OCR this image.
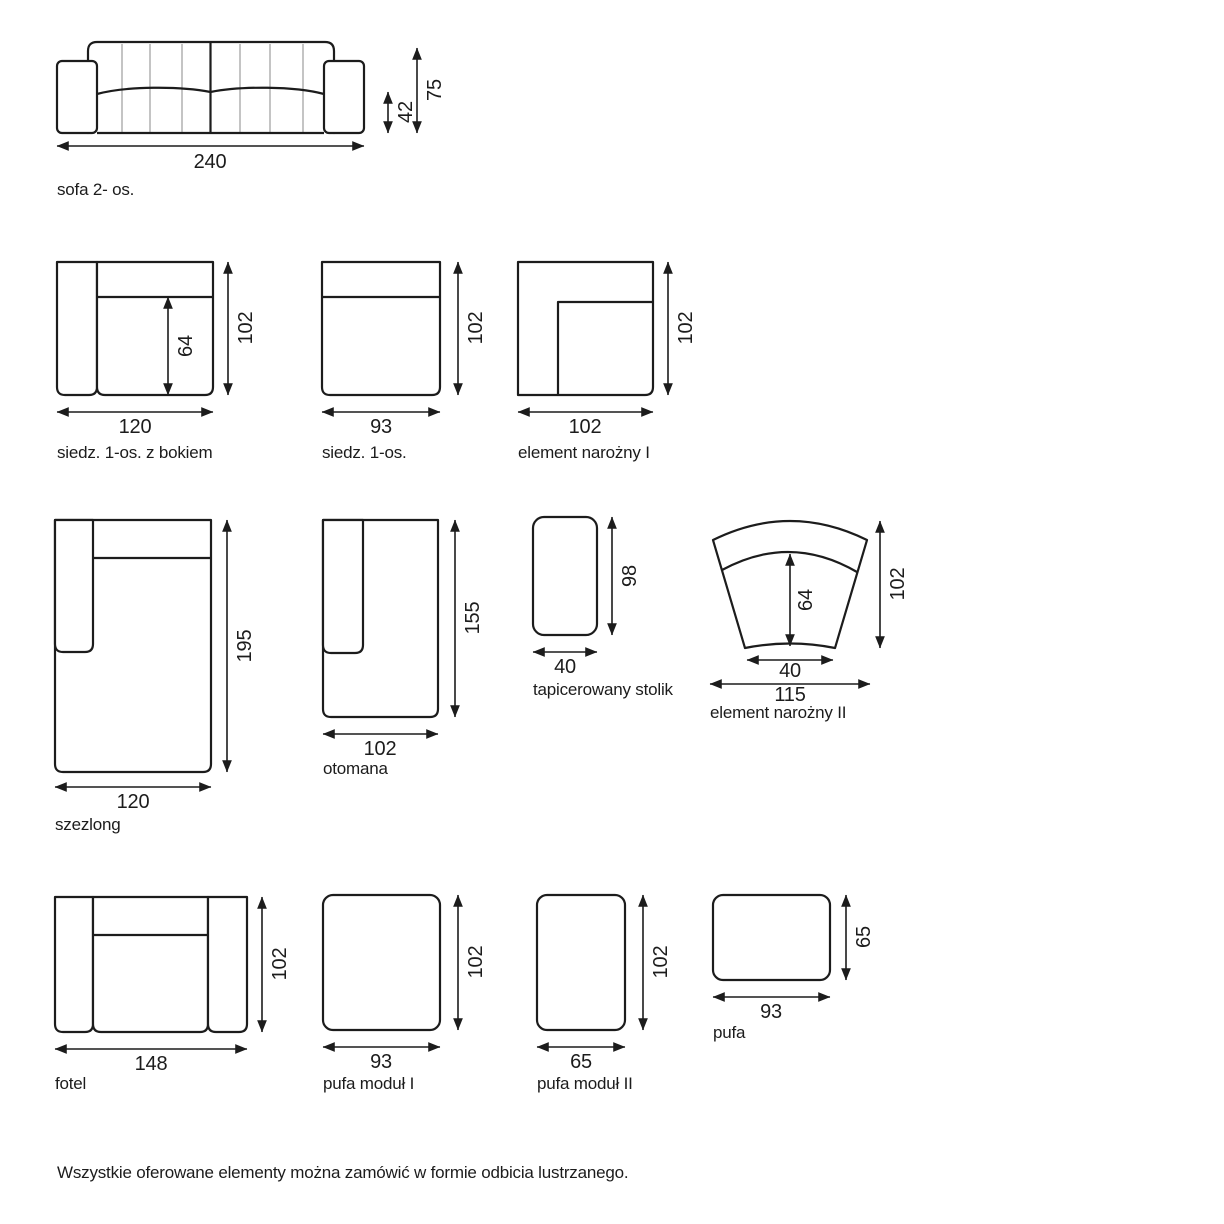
240
42
75
sofa 2- os.
64
102
120
siedz. 1-os. z bokiem
102
93
siedz. 1-os.
102
102
element narożny I
195
120
szezlong
155
102
otomana
98
40
tapicerowany stolik
64
40
115
102
element narożny II
102
148
fotel
102
93
pufa moduł I
102
65
pufa moduł II
65
93
pufa
Wszystkie oferowane elementy można zamówić w formie odbicia lustrzanego.
